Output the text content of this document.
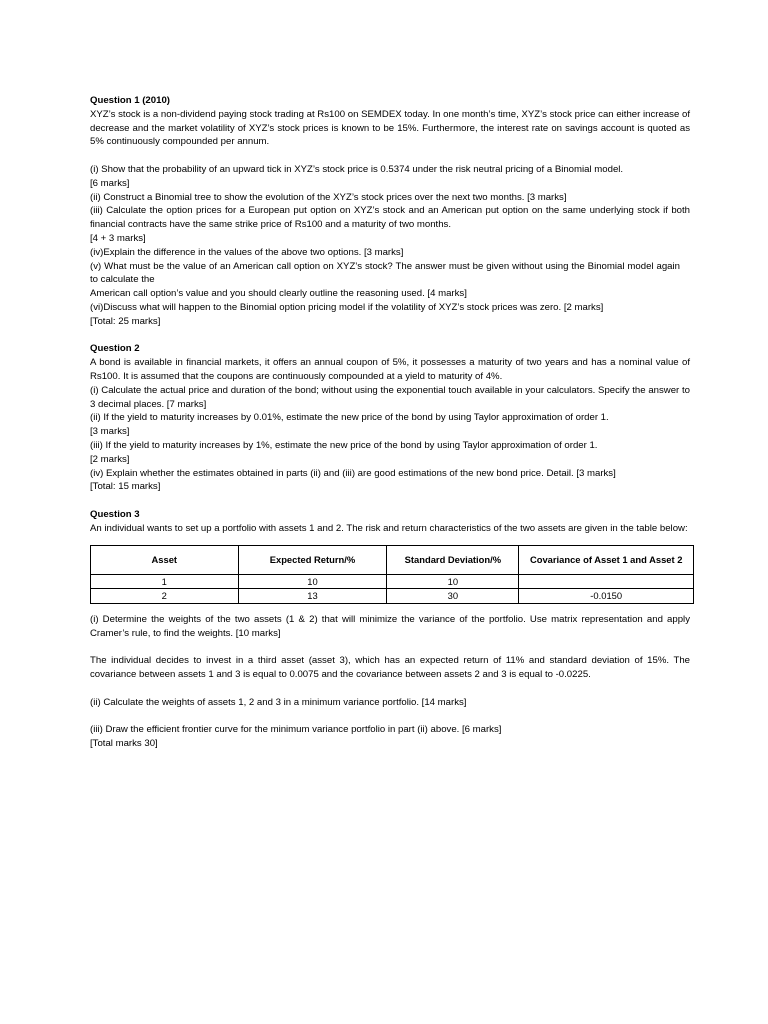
Question 1 (2010)

XYZ’s stock is a non-dividend paying stock trading at Rs100 on SEMDEX today. In one month’s time, XYZ’s stock price can either increase of decrease and the market volatility of XYZ’s stock prices is known to be 15%. Furthermore, the interest rate on savings account is quoted as 5% continuously compounded per annum.

(i) Show that the probability of an upward tick in XYZ’s stock price is 0.5374 under the risk neutral pricing of a Binomial model.

[6 marks]

(ii) Construct a Binomial tree to show the evolution of the XYZ’s stock prices over the next two months. [3 marks]

(iii) Calculate the option prices for a European put option on XYZ’s stock and an American put option on the same underlying stock if both financial contracts have the same strike price of Rs100 and a maturity of two months.

[4 + 3 marks]

(iv)Explain the difference in the values of the above two options. [3 marks]

(v) What must be the value of an American call option on XYZ’s stock? The answer must be given without using the Binomial model again to calculate the

American call option’s value and you should clearly outline the reasoning used. [4 marks]

(vi)Discuss what will happen to the Binomial option pricing model if the volatility of XYZ’s stock prices was zero. [2 marks]

[Total: 25 marks]

Question 2

A bond is available in financial markets, it offers an annual coupon of 5%, it possesses a maturity of two years and has a nominal value of Rs100. It is assumed that the coupons are continuously compounded at a yield to maturity of 4%.

(i) Calculate the actual price and duration of the bond; without using the exponential touch available in your calculators. Specify the answer to 3 decimal places. [7 marks]

(ii) If the yield to maturity increases by 0.01%, estimate the new price of the bond by using Taylor approximation of order 1.

[3 marks]

(iii) If the yield to maturity increases by 1%, estimate the new price of the bond by using Taylor approximation of order 1.

[2 marks]

(iv) Explain whether the estimates obtained in parts (ii) and (iii) are good estimations of the new bond price. Detail. [3 marks]

[Total: 15 marks]

Question 3

An individual wants to set up a portfolio with assets 1 and 2. The risk and return characteristics of the two assets are given in the table below:

Asset	Expected Return/%	Standard Deviation/%	Covariance of Asset 1 and Asset 2
1	10	10	
2	13	30	-0.0150

(i) Determine the weights of the two assets (1 & 2) that will minimize the variance of the portfolio. Use matrix representation and apply Cramer’s rule, to find the weights. [10 marks]

The individual decides to invest in a third asset (asset 3), which has an expected return of 11% and standard deviation of 15%. The covariance between assets 1 and 3 is equal to 0.0075 and the covariance between assets 2 and 3 is equal to -0.0225.

(ii) Calculate the weights of assets 1, 2 and 3 in a minimum variance portfolio. [14 marks]

(iii) Draw the efficient frontier curve for the minimum variance portfolio in part (ii) above. [6 marks]

[Total marks 30]
